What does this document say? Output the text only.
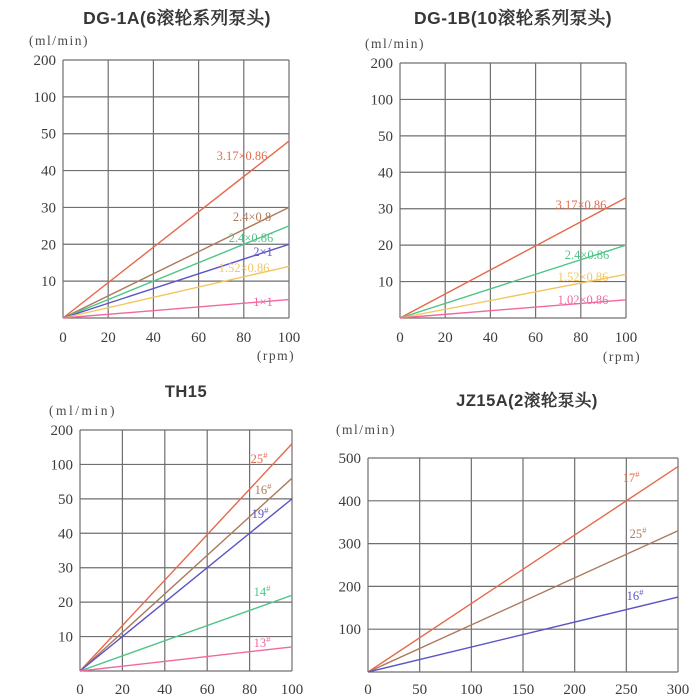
DG-1A(6滚轮系列泵头)	DG-1B(10滚轮系列泵头)
TH15	JZ15A(2滚轮泵头)
(ml/min)	(ml/min)
(ml/min)
(ml/min)
(rpm)	(rpm)
10
20
30
40
50
100
200
0 20 40 60 80 100
3.17×0.86
2.4×0.8
2.4×0.86
2×1
1.52×0.86
1×1
10
20
30
40
50
100
200
0 20 40 60 80 100
3.17×0.86
2.4×0.86
1.52×0.86
1.02×0.86
10
20
30
40
50
100
200
0 20 40 60 80 100
25#
16#
19#
14#
13#
100
200
300
400
500
0	50 100 150 200 250 300
17#
25#
16#
